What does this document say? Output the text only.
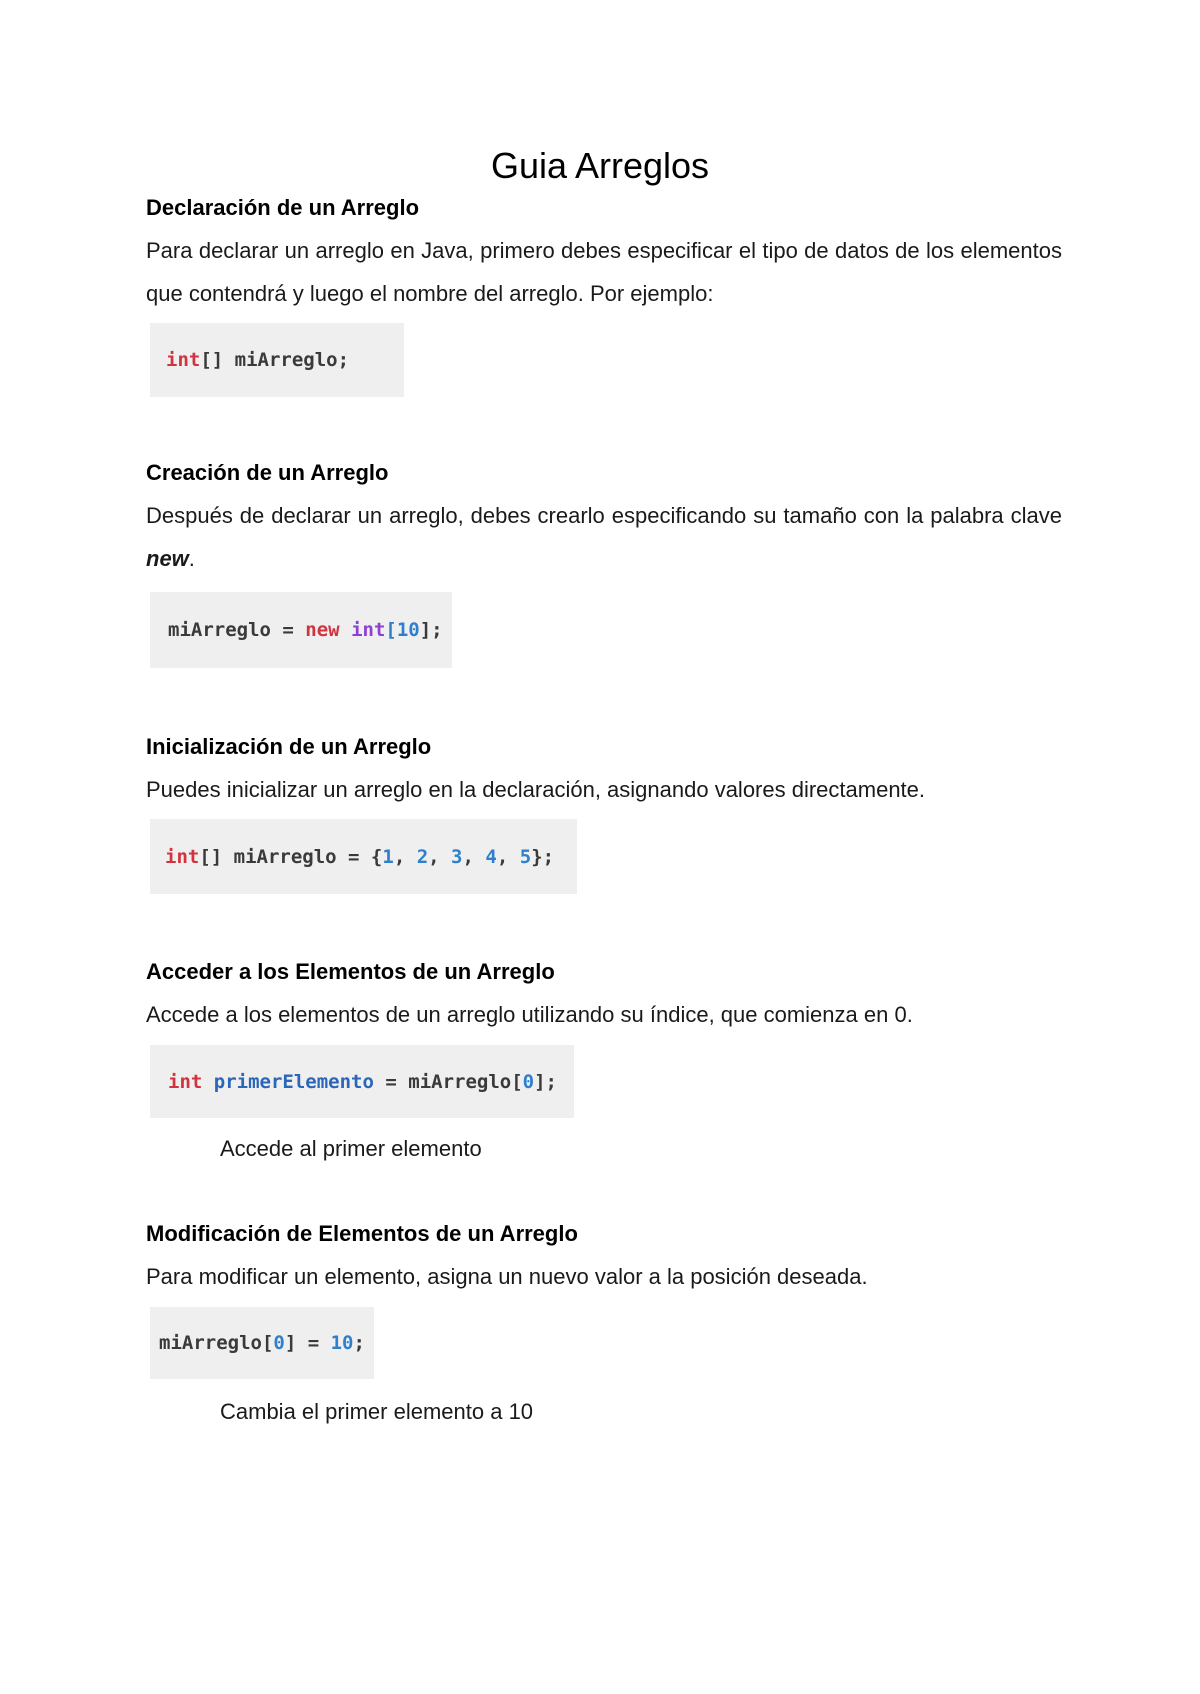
Guia Arreglos
Declaración de un Arreglo

Para declarar un arreglo en Java, primero debes especificar el tipo de datos de los elementos que contendrá y luego el nombre del arreglo. Por ejemplo:

int [] miArreglo;
Creación de un Arreglo

Después de declarar un arreglo, debes crearlo especificando su tamaño con la palabra clave new.

miArreglo = new
int [ 10 ];
Inicialización de un Arreglo

Puedes inicializar un arreglo en la declaración, asignando valores directamente.

int [] miArreglo = { 1 , 2 , 3 , 4 , 5 };
Acceder a los Elementos de un Arreglo

Accede a los elementos de un arreglo utilizando su índice, que comienza en 0.

int
primerElemento = miArreglo[ 0 ];

Accede al primer elemento

Modificación de Elementos de un Arreglo

Para modificar un elemento, asigna un nuevo valor a la posición deseada.

miArreglo[ 0 ] = 10 ;

Cambia el primer elemento a 10
